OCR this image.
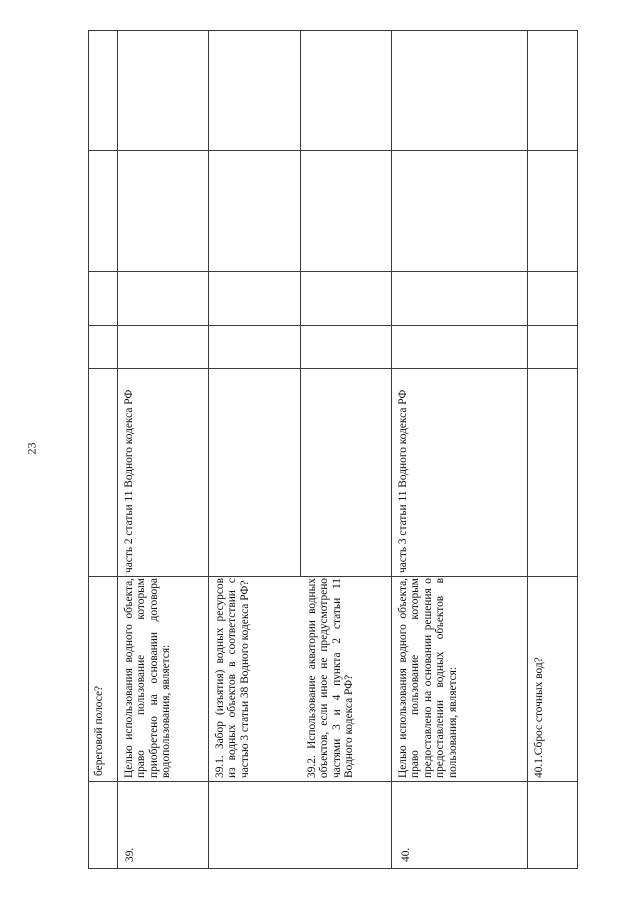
23
береговой полосе?
39.
Целью использования водного объекта, право пользование которым приобретено на основании договора водопользования, является:
часть 2 статьи 11 Водного кодекса РФ
39.1. Забор (изъятия) водных ресурсов из водных объектов в соответствии с частью 3 статьи 38 Водного кодекса РФ?	39.2. Использование акватории водных объектов, если иное не предусмотрено частями 3 и 4 пункта 2 статьи 11 Водного кодекса РФ?
40.
Целью использования водного объекта, право пользование которым предоставлено на основании решения о предоставлении водных объектов в пользования, является:
часть 3 статьи 11 Водного кодекса РФ
40.1.Сброс сточных вод?
